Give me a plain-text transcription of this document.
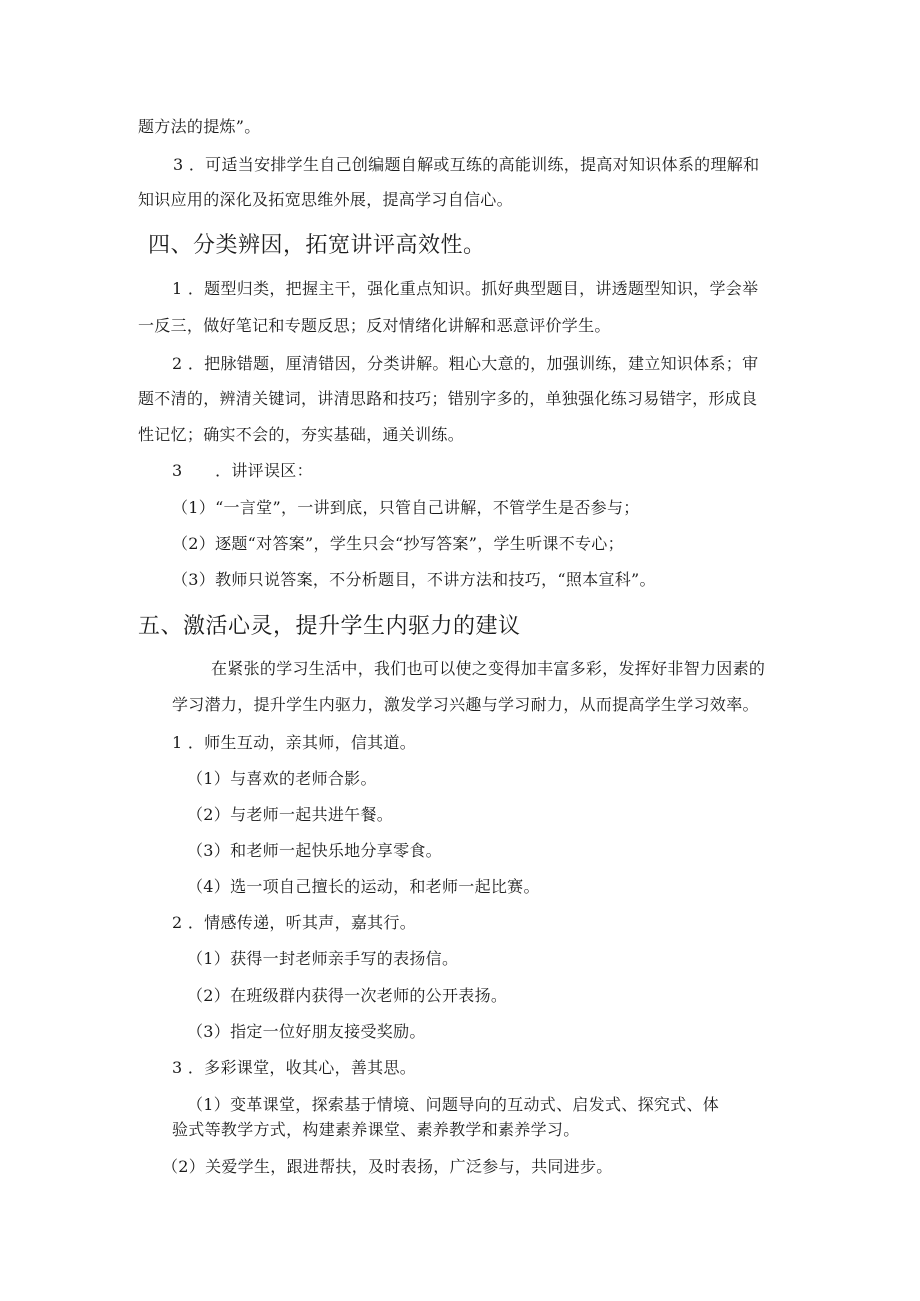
题方法的提炼”。
3 ．可适当安排学生自己创编题自解或互练的高能训练，提高对知识体系的理解和
知识应用的深化及拓宽思维外展，提高学习自信心。
四、分类辨因，拓宽讲评高效性。
1 ．题型归类，把握主干，强化重点知识。抓好典型题目，讲透题型知识，学会举
一反三，做好笔记和专题反思；反对情绪化讲解和恶意评价学生。
2 ．把脉错题，厘清错因，分类讲解。粗心大意的，加强训练，建立知识体系；审
题不清的，辨清关键词，讲清思路和技巧；错别字多的，单独强化练习易错字，形成良
性记忆；确实不会的，夯实基础，通关训练。
3　　．讲评误区：
（1）“一言堂”，一讲到底，只管自己讲解，不管学生是否参与；
（2）逐题“对答案”，学生只会“抄写答案”，学生听课不专心；
（3）教师只说答案，不分析题目，不讲方法和技巧，“照本宣科”。
五、激活心灵，提升学生内驱力的建议
在紧张的学习生活中，我们也可以使之变得加丰富多彩，发挥好非智力因素的
学习潜力，提升学生内驱力，激发学习兴趣与学习耐力，从而提高学生学习效率。
1 ．师生互动，亲其师，信其道。
（1）与喜欢的老师合影。
（2）与老师一起共进午餐。
（3）和老师一起快乐地分享零食。
（4）选一项自己擅长的运动，和老师一起比赛。
2 ．情感传递，听其声，嘉其行。
（1）获得一封老师亲手写的表扬信。
（2）在班级群内获得一次老师的公开表扬。
（3）指定一位好朋友接受奖励。
3 ．多彩课堂，收其心，善其思。
（1）变革课堂，探索基于情境、问题导向的互动式、启发式、探究式、体
验式等教学方式，构建素养课堂、素养教学和素养学习。
（2）关爱学生，跟进帮扶，及时表扬，广泛参与，共同进步。
